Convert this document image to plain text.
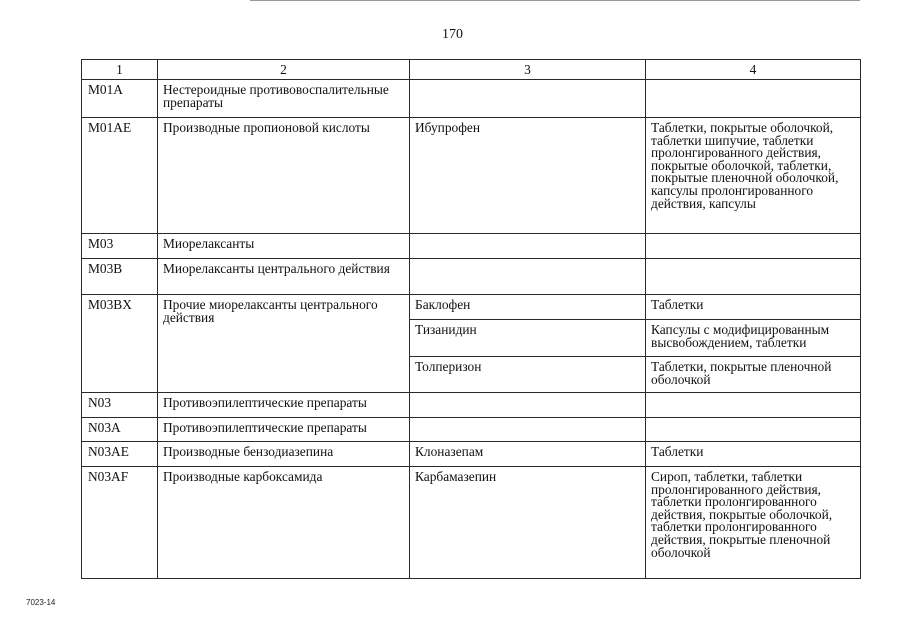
170
1	2	3	4
M01A	Нестероидные противовоспалительные препараты		
M01AE	Производные пропионовой кислоты	Ибупрофен	Таблетки, покрытые оболочкой, таблетки шипучие, таблетки пролонгированного действия, покрытые оболочкой, таблетки, покрытые пленочной оболочкой, капсулы пролонгированного действия, капсулы
M03	Миорелаксанты		
M03B	Миорелаксанты центрального действия		
M03BX	Прочие миорелаксанты центрального действия	Баклофен	Таблетки
		Тизанидин	Капсулы с модифицированным высвобождением, таблетки
		Толперизон	Таблетки, покрытые пленочной оболочкой
N03	Противоэпилептические препараты		
N03A	Противоэпилептические препараты		
N03AE	Производные бензодиазепина	Клоназепам	Таблетки
N03AF	Производные карбоксамида	Карбамазепин	Сироп, таблетки, таблетки пролонгированного действия, таблетки пролонгированного действия, покрытые оболочкой, таблетки пролонгированного действия, покрытые пленочной оболочкой
7023-14
